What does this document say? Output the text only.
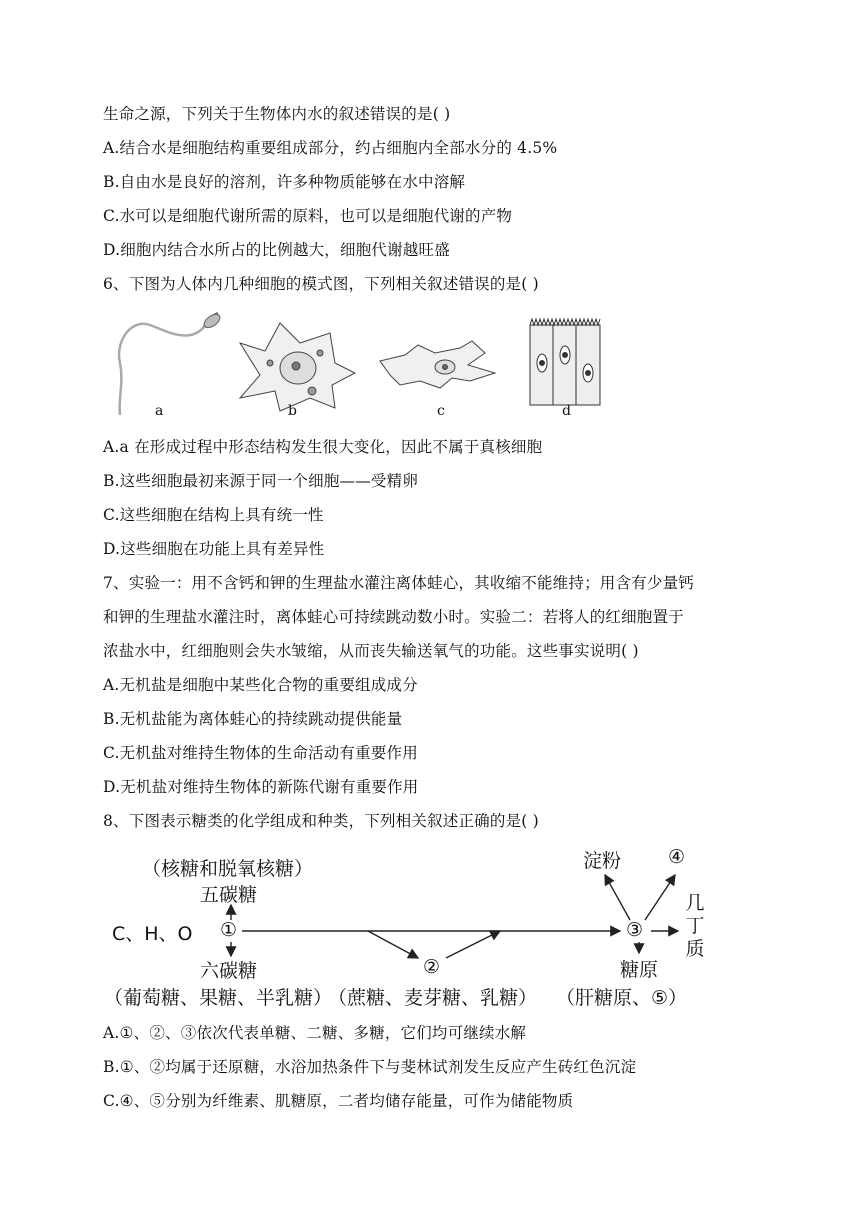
生命之源，下列关于生物体内水的叙述错误的是( )
A.结合水是细胞结构重要组成部分，约占细胞内全部水分的 4.5%
B.自由水是良好的溶剂，许多种物质能够在水中溶解
C.水可以是细胞代谢所需的原料，也可以是细胞代谢的产物
D.细胞内结合水所占的比例越大，细胞代谢越旺盛
6、下图为人体内几种细胞的模式图，下列相关叙述错误的是( )
a	b	c	d
A.a 在形成过程中形态结构发生很大变化，因此不属于真核细胞
B.这些细胞最初来源于同一个细胞——受精卵
C.这些细胞在结构上具有统一性
D.这些细胞在功能上具有差异性
7、实验一：用不含钙和钾的生理盐水灌注离体蛙心，其收缩不能维持；用含有少量钙
和钾的生理盐水灌注时，离体蛙心可持续跳动数小时。实验二：若将人的红细胞置于
浓盐水中，红细胞则会失水皱缩，从而丧失输送氧气的功能。这些事实说明( )
A.无机盐是细胞中某些化合物的重要组成成分
B.无机盐能为离体蛙心的持续跳动提供能量
C.无机盐对维持生物体的生命活动有重要作用
D.无机盐对维持生物体的新陈代谢有重要作用
8、下图表示糖类的化学组成和种类，下列相关叙述正确的是( )
（核糖和脱氧核糖）
五碳糖
C、H、O ①
六碳糖	②
③
淀粉 ④
糖原
几丁质
（葡萄糖、果糖、半乳糖）
（蔗糖、麦芽糖、乳糖） （肝糖原、⑤）
A.①、②、③依次代表单糖、二糖、多糖，它们均可继续水解
B.①、②均属于还原糖，水浴加热条件下与斐林试剂发生反应产生砖红色沉淀
C.④、⑤分别为纤维素、肌糖原，二者均储存能量，可作为储能物质
